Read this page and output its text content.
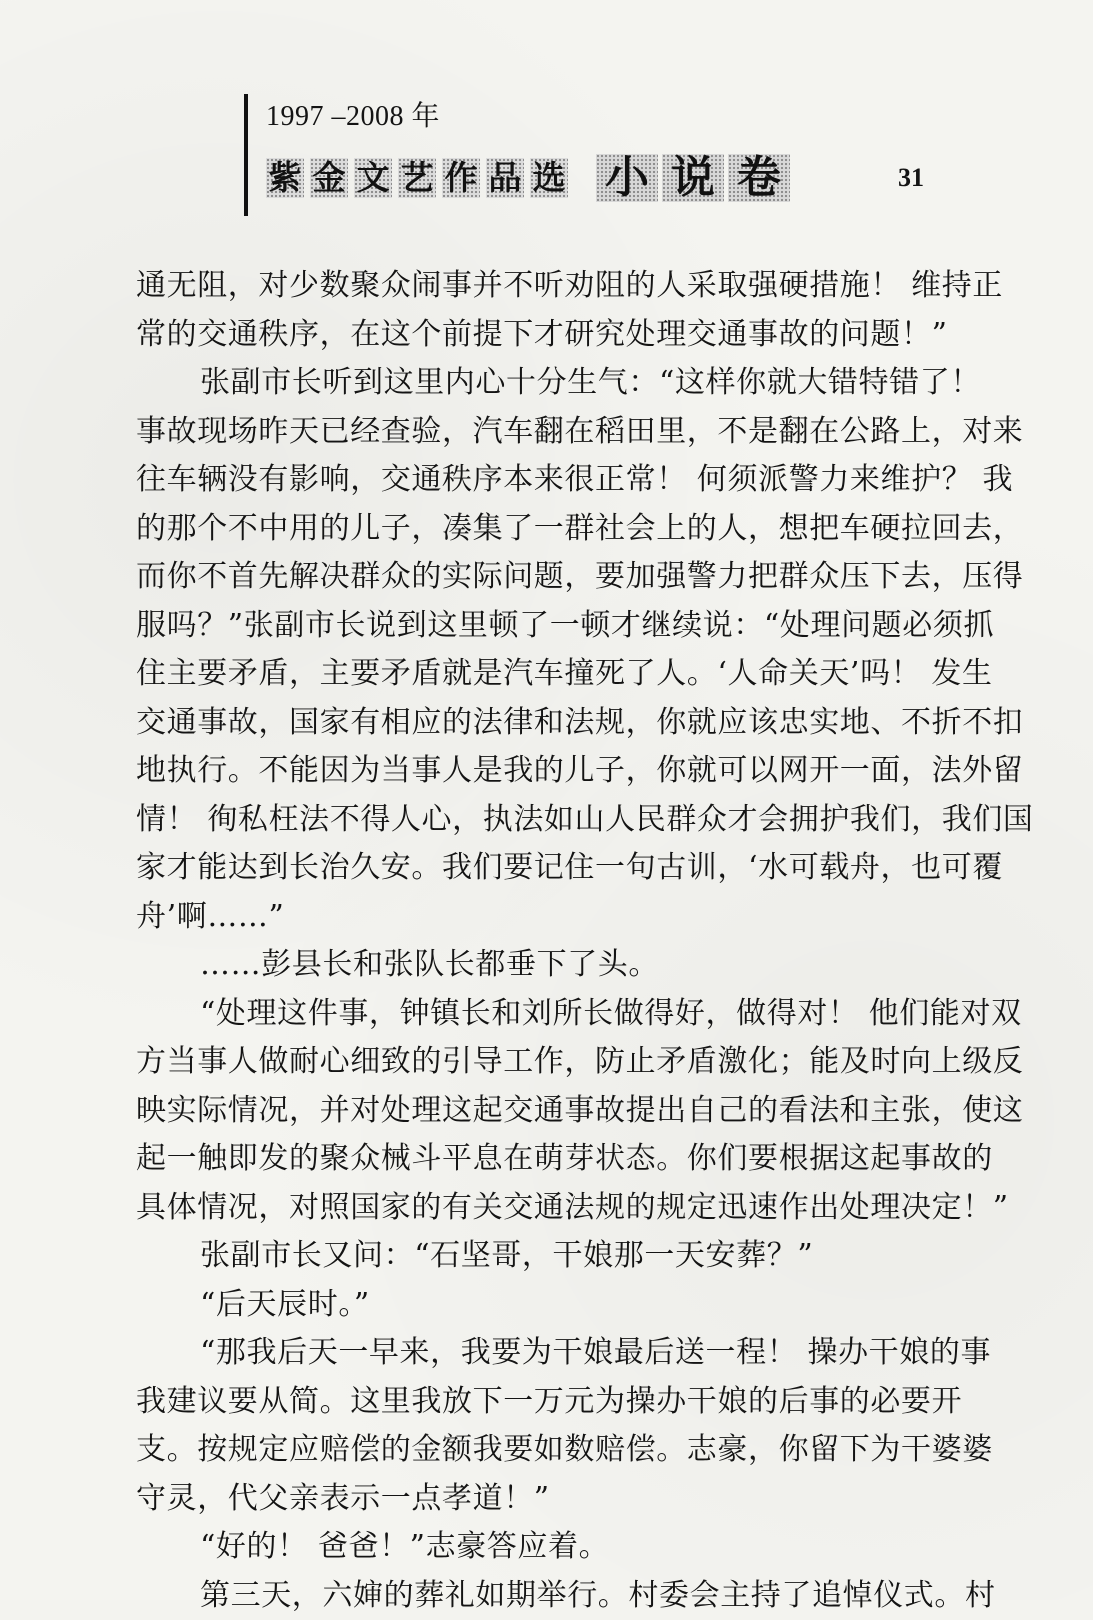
1997 –2008 年
紫 金 文 艺 作 品 选 小 说 卷	31
通无阻，对少数聚众闹事并不听劝阻的人采取强硬措施！ 维持正
常的交通秩序，在这个前提下才研究处理交通事故的问题！”
张副市长听到这里内心十分生气：“这样你就大错特错了！
事故现场昨天已经查验，汽车翻在稻田里，不是翻在公路上，对来
往车辆没有影响，交通秩序本来很正常！ 何须派警力来维护？ 我
的那个不中用的儿子，凑集了一群社会上的人，想把车硬拉回去，
而你不首先解决群众的实际问题，要加强警力把群众压下去，压得
服吗？”张副市长说到这里顿了一顿才继续说：“处理问题必须抓
住主要矛盾，主要矛盾就是汽车撞死了人。‘人命关天’吗！ 发生
交通事故，国家有相应的法律和法规，你就应该忠实地、不折不扣
地执行。不能因为当事人是我的儿子，你就可以网开一面，法外留
情！ 徇私枉法不得人心，执法如山人民群众才会拥护我们，我们国
家才能达到长治久安。我们要记住一句古训，‘水可载舟，也可覆
舟’啊……”
……彭县长和张队长都垂下了头。
“处理这件事，钟镇长和刘所长做得好，做得对！ 他们能对双
方当事人做耐心细致的引导工作，防止矛盾激化；能及时向上级反
映实际情况，并对处理这起交通事故提出自己的看法和主张，使这
起一触即发的聚众械斗平息在萌芽状态。你们要根据这起事故的
具体情况，对照国家的有关交通法规的规定迅速作出处理决定！”
张副市长又问：“石坚哥，干娘那一天安葬？”
“后天辰时。”
“那我后天一早来，我要为干娘最后送一程！ 操办干娘的事
我建议要从简。这里我放下一万元为操办干娘的后事的必要开
支。按规定应赔偿的金额我要如数赔偿。志豪，你留下为干婆婆
守灵，代父亲表示一点孝道！”
“好的！ 爸爸！”志豪答应着。
第三天，六婶的葬礼如期举行。村委会主持了追悼仪式。村
